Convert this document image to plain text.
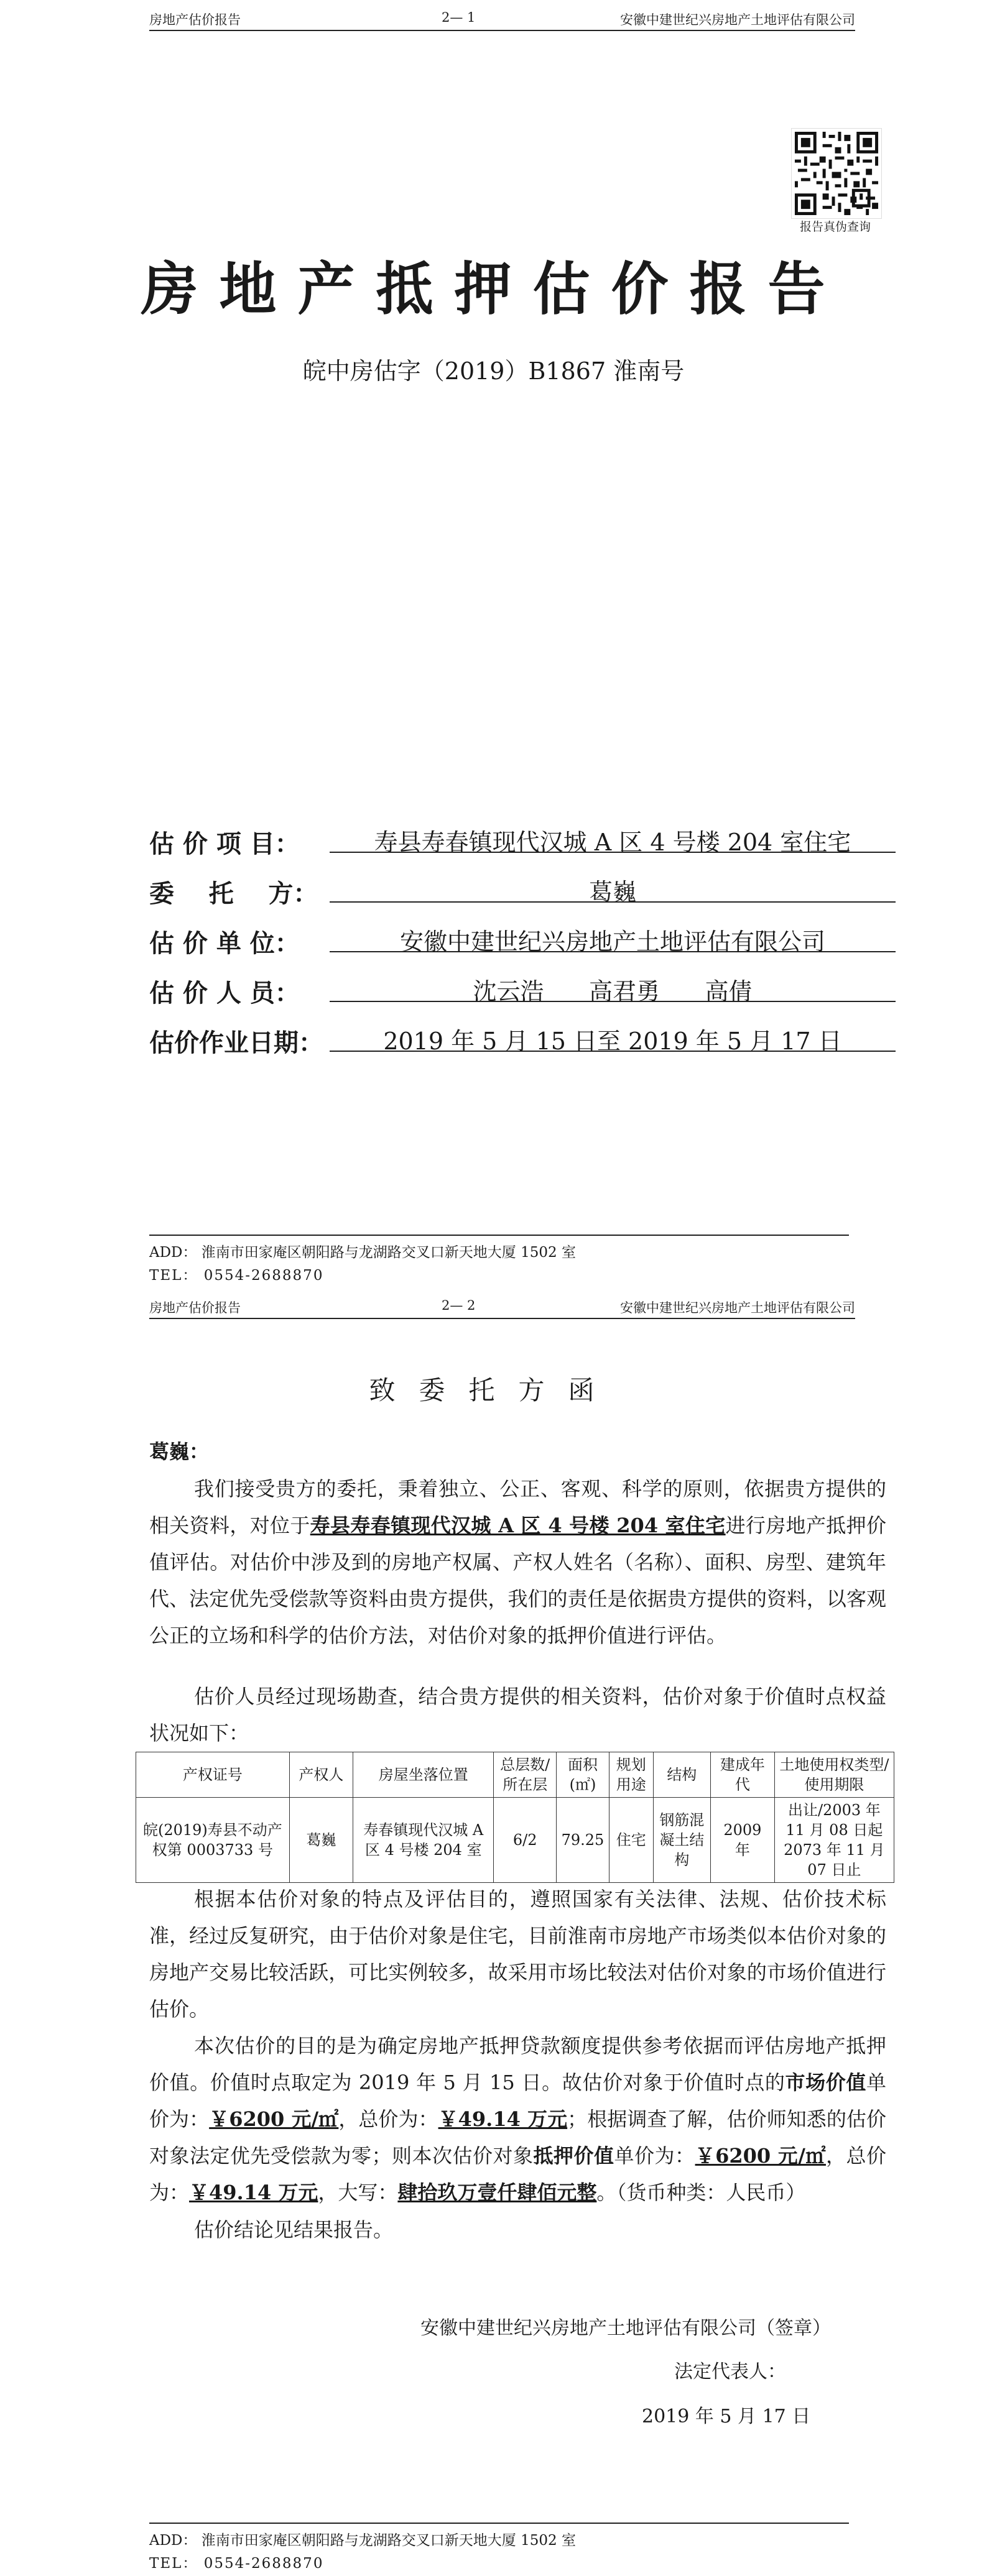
房地产估价报告	2— 1	安徽中建世纪兴房地产土地评估有限公司
报告真伪查询
房地产抵押估价报告
皖中房估字（2019）B1867 淮南号
估 价 项 目：	寿县寿春镇现代汉城 A 区 4 号楼 204 室住宅
委    托    方：	葛巍
估 价 单 位：	安徽中建世纪兴房地产土地评估有限公司
估 价 人 员：	沈云浩      高君勇      高倩
估价作业日期：	2019 年 5 月 15 日至 2019 年 5 月 17 日
ADD： 淮南市田家庵区朝阳路与龙湖路交叉口新天地大厦 1502 室
TEL： 0554-2688870
房地产估价报告	2— 2	安徽中建世纪兴房地产土地评估有限公司
ADD： 淮南市田家庵区朝阳路与龙湖路交叉口新天地大厦 1502 室
TEL： 0554-2688870
致委托方函
葛巍：
我们接受贵方的委托，秉着独立、公正、客观、科学的原则，依据贵方提供的相关资料，对位于寿县寿春镇现代汉城 A 区 4 号楼 204 室住宅进行房地产抵押价值评估。对估价中涉及到的房地产权属、产权人姓名（名称）、面积、房型、建筑年代、法定优先受偿款等资料由贵方提供，我们的责任是依据贵方提供的资料，以客观公正的立场和科学的估价方法，对估价对象的抵押价值进行评估。
估价人员经过现场勘查，结合贵方提供的相关资料，估价对象于价值时点权益状况如下：
产权证号	产权人	房屋坐落位置	总层数/所在层	面积(㎡)	规划用途	结构	建成年代	土地使用权类型/使用期限
皖(2019)寿县不动产权第 0003733 号	葛巍	寿春镇现代汉城 A 区 4 号楼 204 室	6/2	79.25	住宅	钢筋混凝土结构	2009 年	出让/2003 年 11 月 08 日起 2073 年 11 月 07 日止
根据本估价对象的特点及评估目的，遵照国家有关法律、法规、估价技术标准，经过反复研究，由于估价对象是住宅，目前淮南市房地产市场类似本估价对象的房地产交易比较活跃，可比实例较多，故采用市场比较法对估价对象的市场价值进行估价。
本次估价的目的是为确定房地产抵押贷款额度提供参考依据而评估房地产抵押价值。价值时点取定为 2019 年 5 月 15 日。故估价对象于价值时点的市场价值单价为：￥6200 元/㎡，总价为：￥49.14 万元；根据调查了解，估价师知悉的估价对象法定优先受偿款为零；则本次估价对象抵押价值单价为：￥6200 元/㎡，总价为：￥49.14 万元，大写：肆拾玖万壹仟肆佰元整。（货币种类：人民币）
估价结论见结果报告。
安徽中建世纪兴房地产土地评估有限公司（签章）
法定代表人：
2019 年 5 月 17 日
